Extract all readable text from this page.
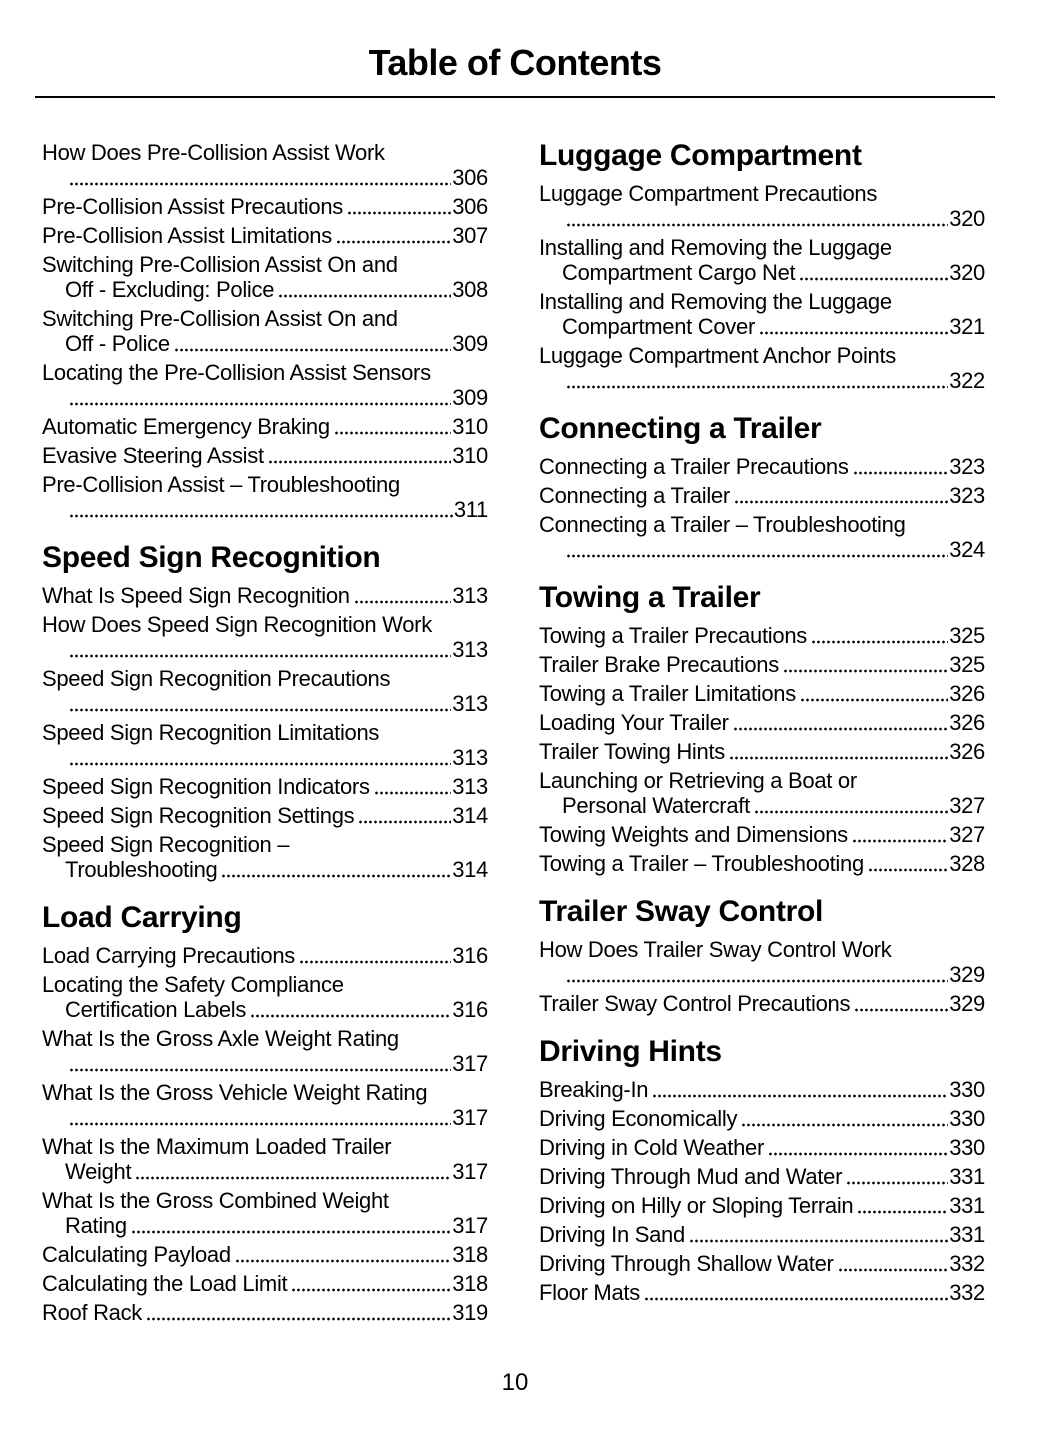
Table of Contents
How Does Pre-Collision Assist Work
306
Pre-Collision Assist Precautions	306
Pre-Collision Assist Limitations	307
Switching Pre-Collision Assist On and
Off - Excluding: Police	308
Switching Pre-Collision Assist On and
Off - Police	309
Locating the Pre-Collision Assist Sensors
309
Automatic Emergency Braking	310
Evasive Steering Assist	310
Pre-Collision Assist – Troubleshooting
311
Speed Sign Recognition
What Is Speed Sign Recognition	313
How Does Speed Sign Recognition Work
313
Speed Sign Recognition Precautions
313
Speed Sign Recognition Limitations
313
Speed Sign Recognition Indicators	313
Speed Sign Recognition Settings	314
Speed Sign Recognition –
Troubleshooting	314
Load Carrying
Load Carrying Precautions	316
Locating the Safety Compliance
Certification Labels	316
What Is the Gross Axle Weight Rating
317
What Is the Gross Vehicle Weight Rating
317
What Is the Maximum Loaded Trailer
Weight	317
What Is the Gross Combined Weight
Rating	317
Calculating Payload	318
Calculating the Load Limit	318
Roof Rack	319
Luggage Compartment
Luggage Compartment Precautions
320
Installing and Removing the Luggage
Compartment Cargo Net	320
Installing and Removing the Luggage
Compartment Cover	321
Luggage Compartment Anchor Points
322
Connecting a Trailer
Connecting a Trailer Precautions	323
Connecting a Trailer	323
Connecting a Trailer – Troubleshooting
324
Towing a Trailer
Towing a Trailer Precautions	325
Trailer Brake Precautions	325
Towing a Trailer Limitations	326
Loading Your Trailer	326
Trailer Towing Hints	326
Launching or Retrieving a Boat or
Personal Watercraft	327
Towing Weights and Dimensions	327
Towing a Trailer – Troubleshooting	328
Trailer Sway Control
How Does Trailer Sway Control Work
329
Trailer Sway Control Precautions	329
Driving Hints
Breaking-In	330
Driving Economically	330
Driving in Cold Weather	330
Driving Through Mud and Water	331
Driving on Hilly or Sloping Terrain	331
Driving In Sand	331
Driving Through Shallow Water	332
Floor Mats	332
10
